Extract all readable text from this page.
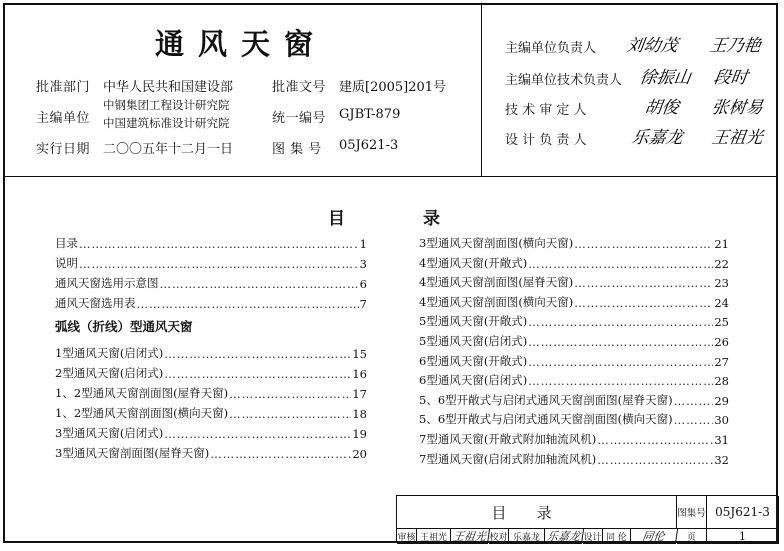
通风天窗
批准部门 中华人民共和国建设部
主编单位
中钢集团工程设计研究院
中国建筑标准设计研究院
实行日期 二〇〇五年十二月一日
批准文号 建质[2005]201号
统一编号 GJBT-879
图 集 号 05J621-3
主编单位负责人 刘幼茂 王乃艳
主编单位技术负责人 徐振山 段时
技 术 审 定 人	胡俊 张树易
设 计 负 责 人	乐嘉龙 王祖光
目	录
目录 …………………………………………………………………………………………………………………………………………………	1
说明 …………………………………………………………………………………………………………………………………………………	3
通风天窗选用示意图 …………………………………………………………………………………………………………………………………………………	6
通风天窗选用表 …………………………………………………………………………………………………………………………………………………	7
弧线（折线）型通风天窗
1型通风天窗(启闭式) …………………………………………………………………………………………………………………………………………………	15
2型通风天窗(启闭式) …………………………………………………………………………………………………………………………………………………	16
1、2型通风天窗剖面图(屋脊天窗) …………………………………………………………………………………………………………………………………………………	17
1、2型通风天窗剖面图(横向天窗) …………………………………………………………………………………………………………………………………………………	18
3型通风天窗(启闭式) …………………………………………………………………………………………………………………………………………………	19
3型通风天窗剖面图(屋脊天窗) …………………………………………………………………………………………………………………………………………………	20
3型通风天窗剖面图(横向天窗) …………………………………………………………………………………………………………………………………………………	21
4型通风天窗(开敞式) …………………………………………………………………………………………………………………………………………………	22
4型通风天窗剖面图(屋脊天窗) …………………………………………………………………………………………………………………………………………………	23
4型通风天窗剖面图(横向天窗) …………………………………………………………………………………………………………………………………………………	24
5型通风天窗(开敞式) …………………………………………………………………………………………………………………………………………………	25
5型通风天窗(启闭式) …………………………………………………………………………………………………………………………………………………	26
6型通风天窗(开敞式) …………………………………………………………………………………………………………………………………………………	27
6型通风天窗(启闭式) …………………………………………………………………………………………………………………………………………………	28
5、6型开敞式与启闭式通风天窗剖面图(屋脊天窗) …………………………………………………………………………………………………………………………………………………	29
5、6型开敞式与启闭式通风天窗剖面图(横向天窗) …………………………………………………………………………………………………………………………………………………	30
7型通风天窗(开敞式附加轴流风机) …………………………………………………………………………………………………………………………………………………	31
7型通风天窗(启闭式附加轴流风机) …………………………………………………………………………………………………………………………………………………	32
目录	图集号 05J621-3
审核 王祖光 王祖光 校对 乐嘉龙 乐嘉龙 设计 同 伦	同伦	页	1
